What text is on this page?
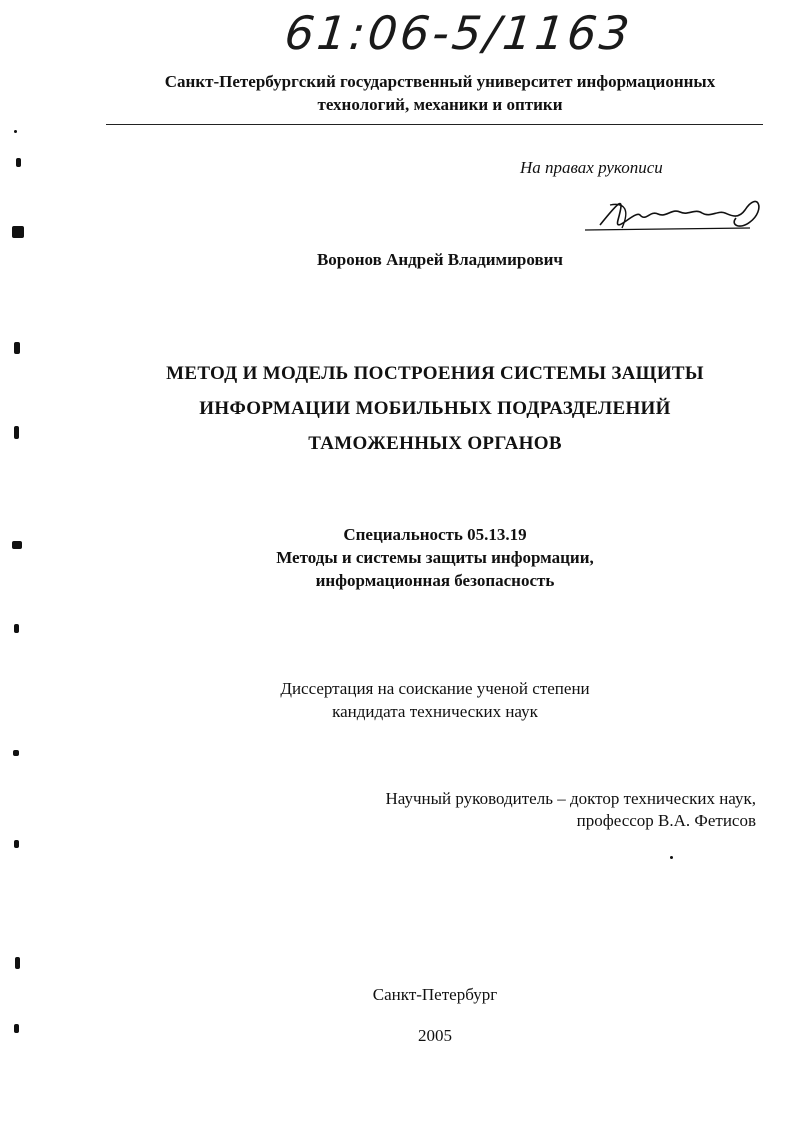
61:06-5/1163
Санкт-Петербургский государственный университет информационных
технологий, механики и оптики
На правах рукописи
Воронов Андрей Владимирович
МЕТОД И МОДЕЛЬ ПОСТРОЕНИЯ СИСТЕМЫ ЗАЩИТЫ
ИНФОРМАЦИИ МОБИЛЬНЫХ ПОДРАЗДЕЛЕНИЙ
ТАМОЖЕННЫХ ОРГАНОВ
Специальность 05.13.19
Методы и системы защиты информации,
информационная безопасность
Диссертация на соискание ученой степени
кандидата технических наук
Научный руководитель – доктор технических наук,
профессор В.А. Фетисов
Санкт-Петербург
2005
